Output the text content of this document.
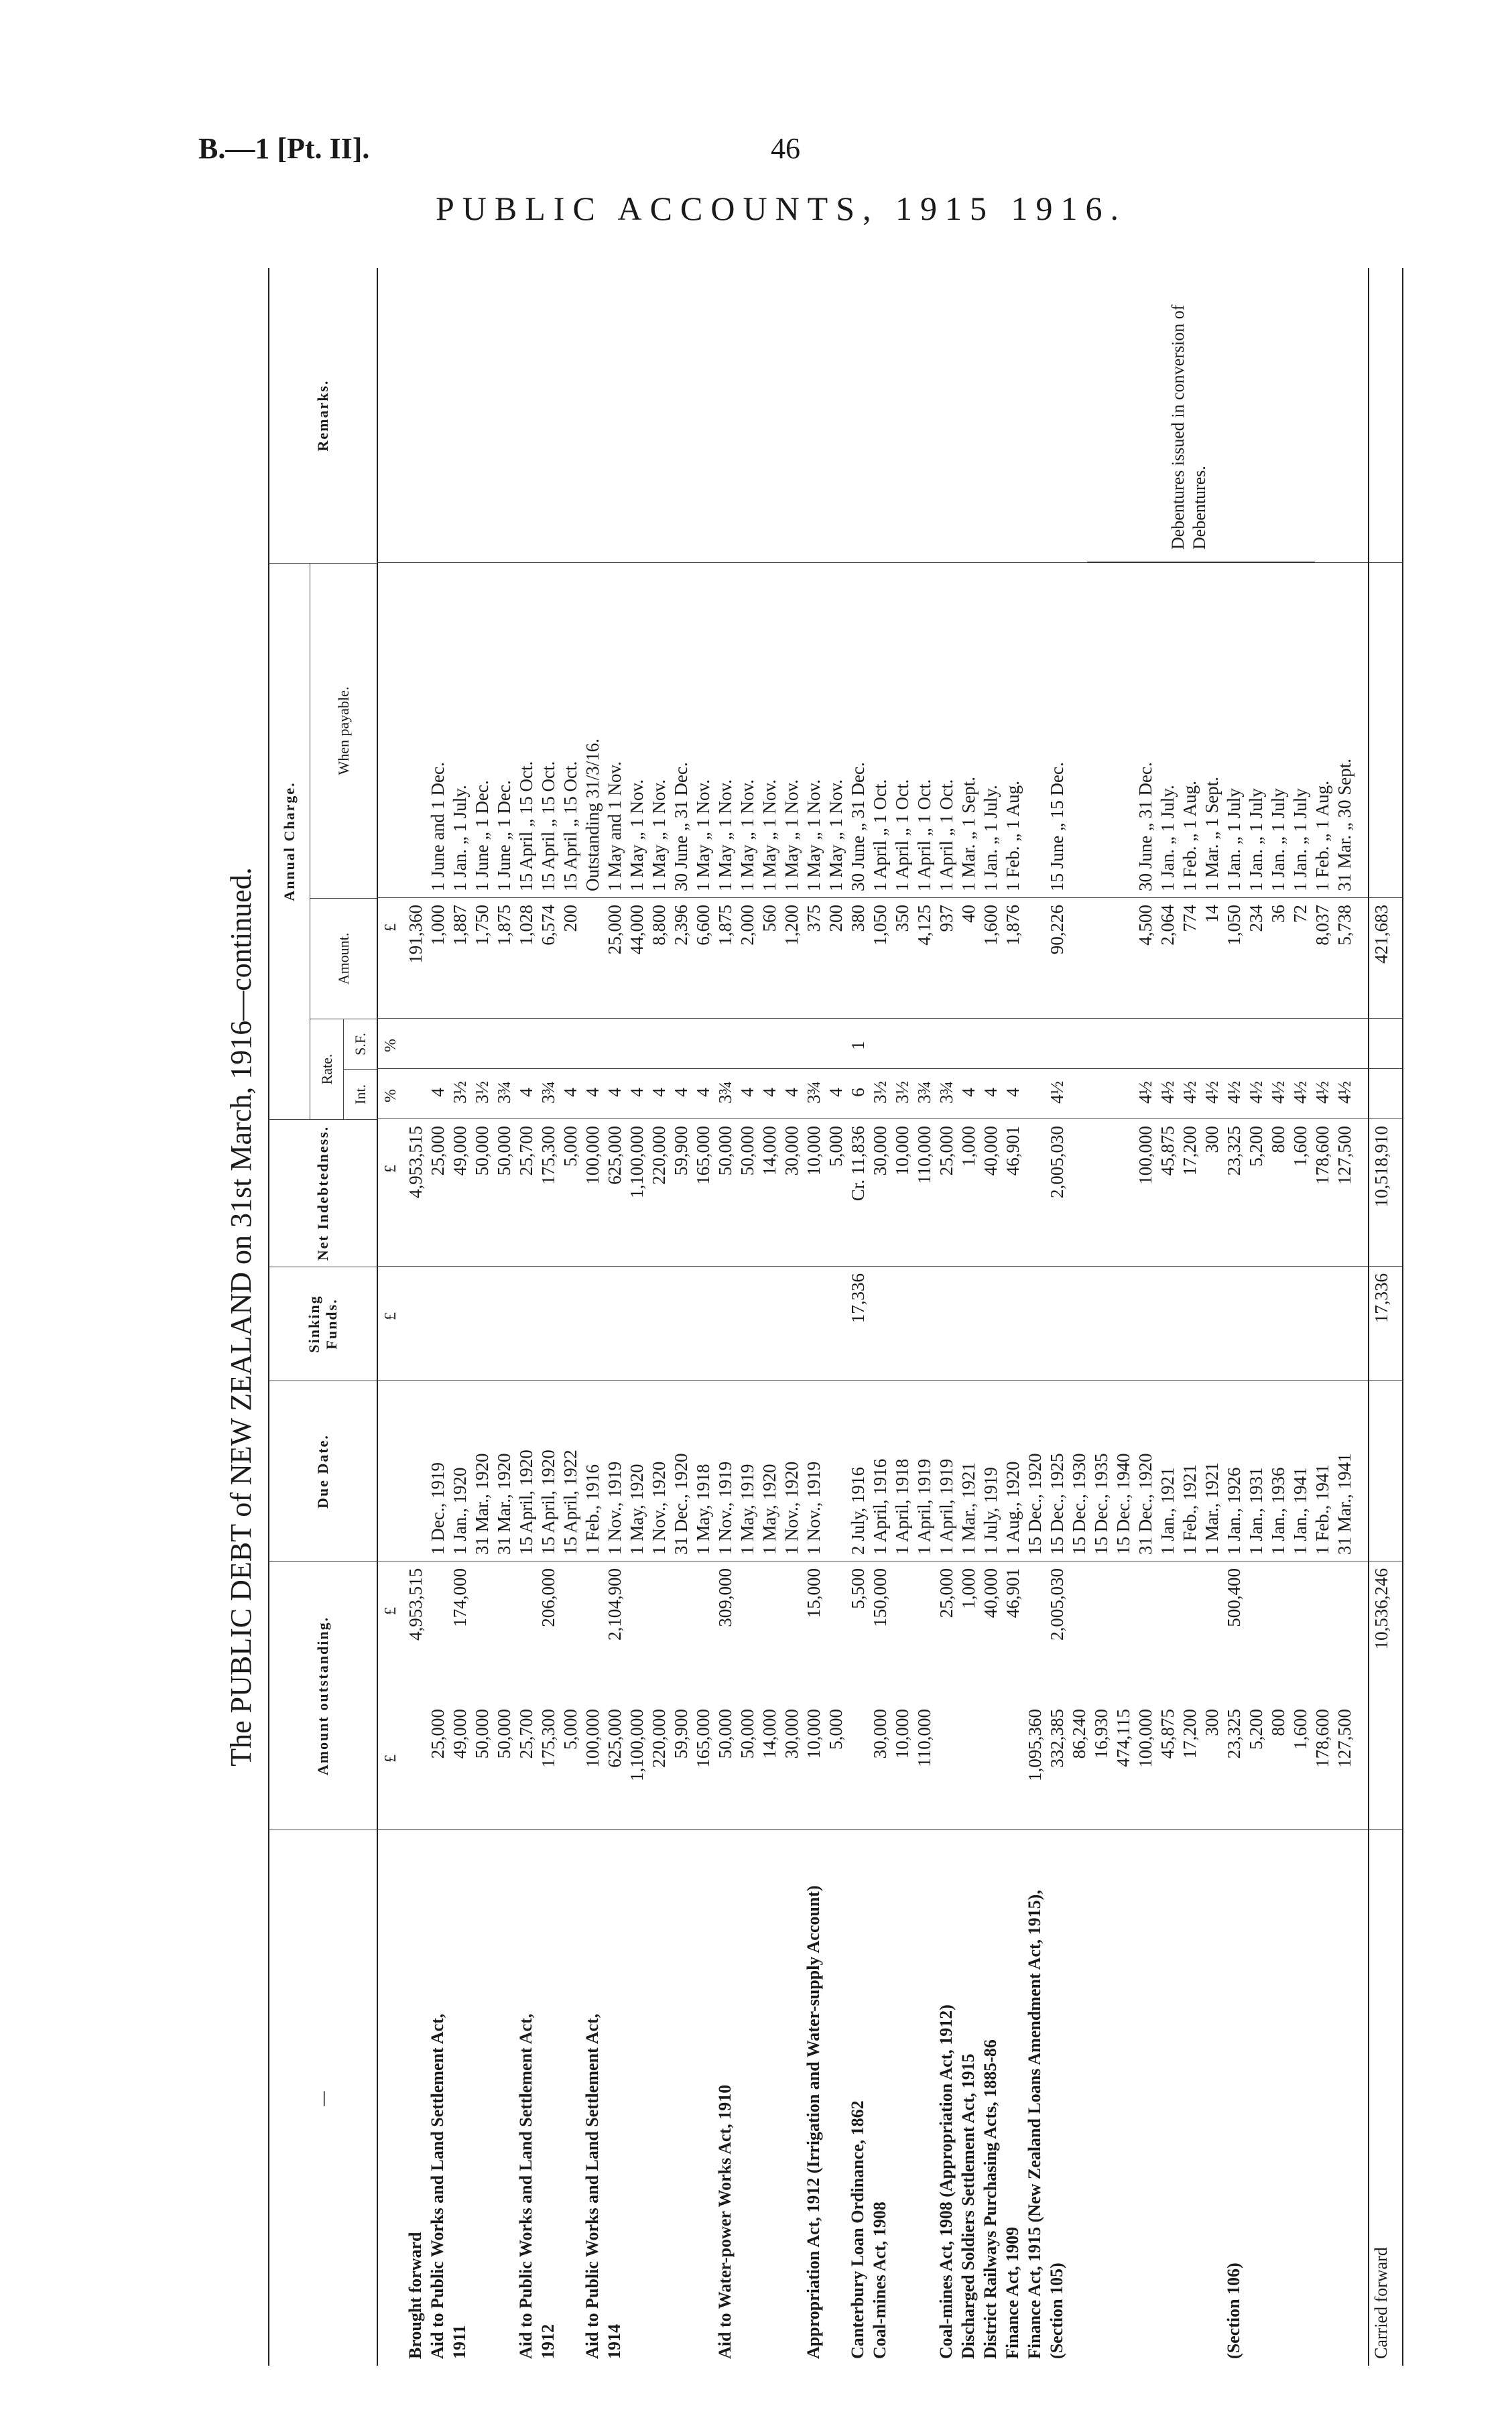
B.—1 [Pt. II].	46
PUBLIC ACCOUNTS, 1915 1916.
The PUBLIC DEBT of NEW ZEALAND on 31st March, 1916—continued.
—
Amount outstanding.
Due Date.
Sinking Funds.
Net Indebtedness.
Annual Charge.
Rate.
Int.
S.F.
Amount.
When payable.
Remarks.
£
£
£
£
%
%
£
Brought forward
4,953,515
4,953,515
191,360
Aid to Public Works and Land Settlement Act,
25,000
1 Dec., 1919
25,000
4
1,000
1 June and 1 Dec.
1911
49,000
174,000
1 Jan., 1920
49,000
3½
1,887
1 Jan. „ 1 July.
50,000
31 Mar., 1920
50,000
3½
1,750
1 June „ 1 Dec.
50,000
31 Mar., 1920
50,000
3¾
1,875
1 June „ 1 Dec.
Aid to Public Works and Land Settlement Act,
25,700
15 April, 1920
25,700
4
1,028
15 April „ 15 Oct.
1912
175,300
206,000
15 April, 1920
175,300
3¾
6,574
15 April „ 15 Oct.
5,000
15 April, 1922
5,000
4
200
15 April „ 15 Oct.
Aid to Public Works and Land Settlement Act,
100,000
1 Feb., 1916
100,000
4
Outstanding 31/3/16.
1914
625,000
2,104,900
1 Nov., 1919
625,000
4
25,000
1 May and 1 Nov.
1,100,000
1 May, 1920
1,100,000
4
44,000
1 May „ 1 Nov.
220,000
1 Nov., 1920
220,000
4
8,800
1 May „ 1 Nov.
59,900
31 Dec., 1920
59,900
4
2,396
30 June „ 31 Dec.
165,000
1 May, 1918
165,000
4
6,600
1 May „ 1 Nov.
Aid to Water-power Works Act, 1910
50,000
309,000
1 Nov., 1919
50,000
3¾
1,875
1 May „ 1 Nov.
50,000
1 May, 1919
50,000
4
2,000
1 May „ 1 Nov.
14,000
1 May, 1920
14,000
4
560
1 May „ 1 Nov.
30,000
1 Nov., 1920
30,000
4
1,200
1 May „ 1 Nov.
Appropriation Act, 1912 (Irrigation and Water-supply Account)
10,000
15,000
1 Nov., 1919
10,000
3¾
375
1 May „ 1 Nov.
5,000
5,000
4
200
1 May „ 1 Nov.
Canterbury Loan Ordinance, 1862
5,500
2 July, 1916
17,336
Cr. 11,836
6
1
380
30 June „ 31 Dec.
Coal-mines Act, 1908
30,000
150,000
1 April, 1916
30,000
3½
1,050
1 April „ 1 Oct.
10,000
1 April, 1918
10,000
3½
350
1 April „ 1 Oct.
110,000
1 April, 1919
110,000
3¾
4,125
1 April „ 1 Oct.
Coal-mines Act, 1908 (Appropriation Act, 1912)
25,000
1 April, 1919
25,000
3¾
937
1 April „ 1 Oct.
Discharged Soldiers Settlement Act, 1915
1,000
1 Mar., 1921
1,000
4
40
1 Mar. „ 1 Sept.
District Railways Purchasing Acts, 1885-86
40,000
1 July, 1919
40,000
4
1,600
1 Jan. „ 1 July.
Finance Act, 1909
46,901
1 Aug., 1920
46,901
4
1,876
1 Feb. „ 1 Aug.
Finance Act, 1915 (New Zealand Loans Amendment Act, 1915),
1,095,360
15 Dec., 1920
(Section 105)
332,385
2,005,030
15 Dec., 1925
2,005,030
4½
90,226
15 June „ 15 Dec.
86,240
15 Dec., 1930
16,930
15 Dec., 1935
474,115
15 Dec., 1940
100,000
31 Dec., 1920
100,000
4½
4,500
30 June „ 31 Dec.
45,875
1 Jan., 1921
45,875
4½
2,064
1 Jan. „ 1 July.
17,200
1 Feb., 1921
17,200
4½
774
1 Feb. „ 1 Aug.
300
1 Mar., 1921
300
4½
14
1 Mar. „ 1 Sept.
(Section 106)
23,325
500,400
1 Jan., 1926
23,325
4½
1,050
1 Jan. „ 1 July
5,200
1 Jan., 1931
5,200
4½
234
1 Jan. „ 1 July
800
1 Jan., 1936
800
4½
36
1 Jan. „ 1 July
1,600
1 Jan., 1941
1,600
4½
72
1 Jan. „ 1 July
178,600
1 Feb., 1941
178,600
4½
8,037
1 Feb. „ 1 Aug.
127,500
31 Mar., 1941
127,500
4½
5,738
31 Mar. „ 30 Sept.
Carried forward
10,536,246
17,336
10,518,910
421,683
Debentures issued in conversion of Debentures.
